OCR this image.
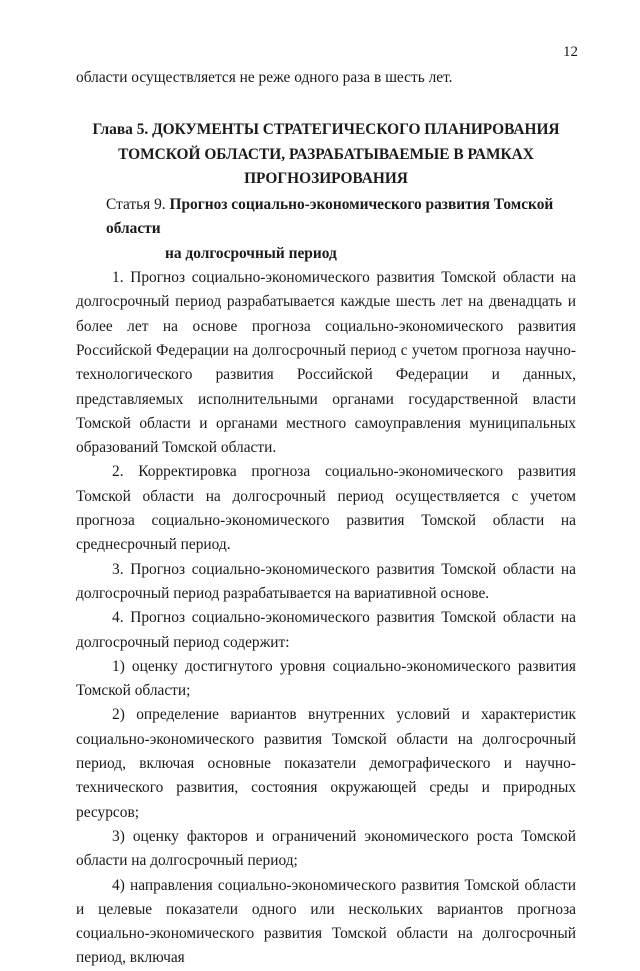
12

области осуществляется не реже одного раза в шесть лет.

Глава 5. ДОКУМЕНТЫ СТРАТЕГИЧЕСКОГО ПЛАНИРОВАНИЯ ТОМСКОЙ ОБЛАСТИ, РАЗРАБАТЫВАЕМЫЕ В РАМКАХ ПРОГНОЗИРОВАНИЯ
Статья 9. Прогноз социально-экономического развития Томской области
на долгосрочный период

1. Прогноз социально-экономического развития Томской области на долгосрочный период разрабатывается каждые шесть лет на двенадцать и более лет на основе прогноза социально-экономического развития Российской Федерации на долгосрочный период с учетом прогноза научно-технологического развития Российской Федерации и данных, представляемых исполнительными органами государственной власти Томской области и органами местного самоуправления муниципальных образований Томской области.

2. Корректировка прогноза социально-экономического развития Томской области на долгосрочный период осуществляется с учетом прогноза социально-экономического развития Томской области на среднесрочный период.

3. Прогноз социально-экономического развития Томской области на долгосрочный период разрабатывается на вариативной основе.

4. Прогноз социально-экономического развития Томской области на долгосрочный период содержит:

1) оценку достигнутого уровня социально-экономического развития Томской области;

2) определение вариантов внутренних условий и характеристик социально-экономического развития Томской области на долгосрочный период, включая основные показатели демографического и научно-технического развития, состояния окружающей среды и природных ресурсов;

3) оценку факторов и ограничений экономического роста Томской области на долгосрочный период;

4) направления социально-экономического развития Томской области и целевые показатели одного или нескольких вариантов прогноза социально-экономического развития Томской области на долгосрочный период, включая
